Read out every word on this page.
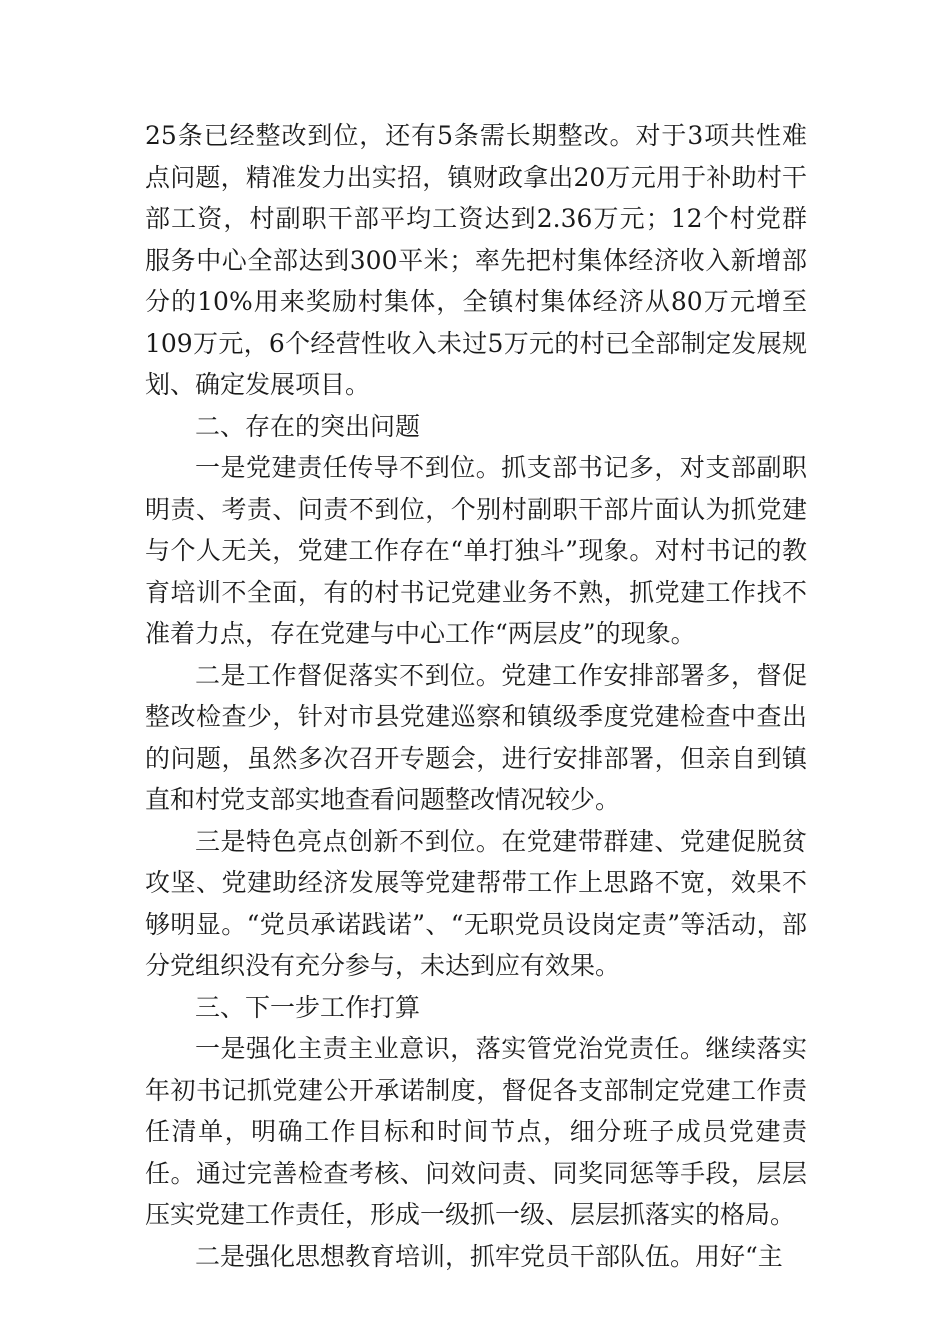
25条已经整改到位，还有5条需长期整改。对于3项共性难点问题，精准发力出实招，镇财政拿出20万元用于补助村干部工资，村副职干部平均工资达到2.36万元；12个村党群服务中心全部达到300平米；率先把村集体经济收入新增部分的10%用来奖励村集体，全镇村集体经济从80万元增至109万元，6个经营性收入未过5万元的村已全部制定发展规划、确定发展项目。

二、存在的突出问题

一是党建责任传导不到位。抓支部书记多，对支部副职明责、考责、问责不到位，个别村副职干部片面认为抓党建与个人无关，党建工作存在“单打独斗”现象。对村书记的教育培训不全面，有的村书记党建业务不熟，抓党建工作找不准着力点，存在党建与中心工作“两层皮”的现象。

二是工作督促落实不到位。党建工作安排部署多，督促整改检查少，针对市县党建巡察和镇级季度党建检查中查出的问题，虽然多次召开专题会，进行安排部署，但亲自到镇直和村党支部实地查看问题整改情况较少。

三是特色亮点创新不到位。在党建带群建、党建促脱贫攻坚、党建助经济发展等党建帮带工作上思路不宽，效果不够明显。“党员承诺践诺”、“无职党员设岗定责”等活动，部分党组织没有充分参与，未达到应有效果。

三、下一步工作打算

一是强化主责主业意识，落实管党治党责任。继续落实年初书记抓党建公开承诺制度，督促各支部制定党建工作责任清单，明确工作目标和时间节点，细分班子成员党建责任。通过完善检查考核、问效问责、同奖同惩等手段，层层压实党建工作责任，形成一级抓一级、层层抓落实的格局。

二是强化思想教育培训，抓牢党员干部队伍。用好“主
